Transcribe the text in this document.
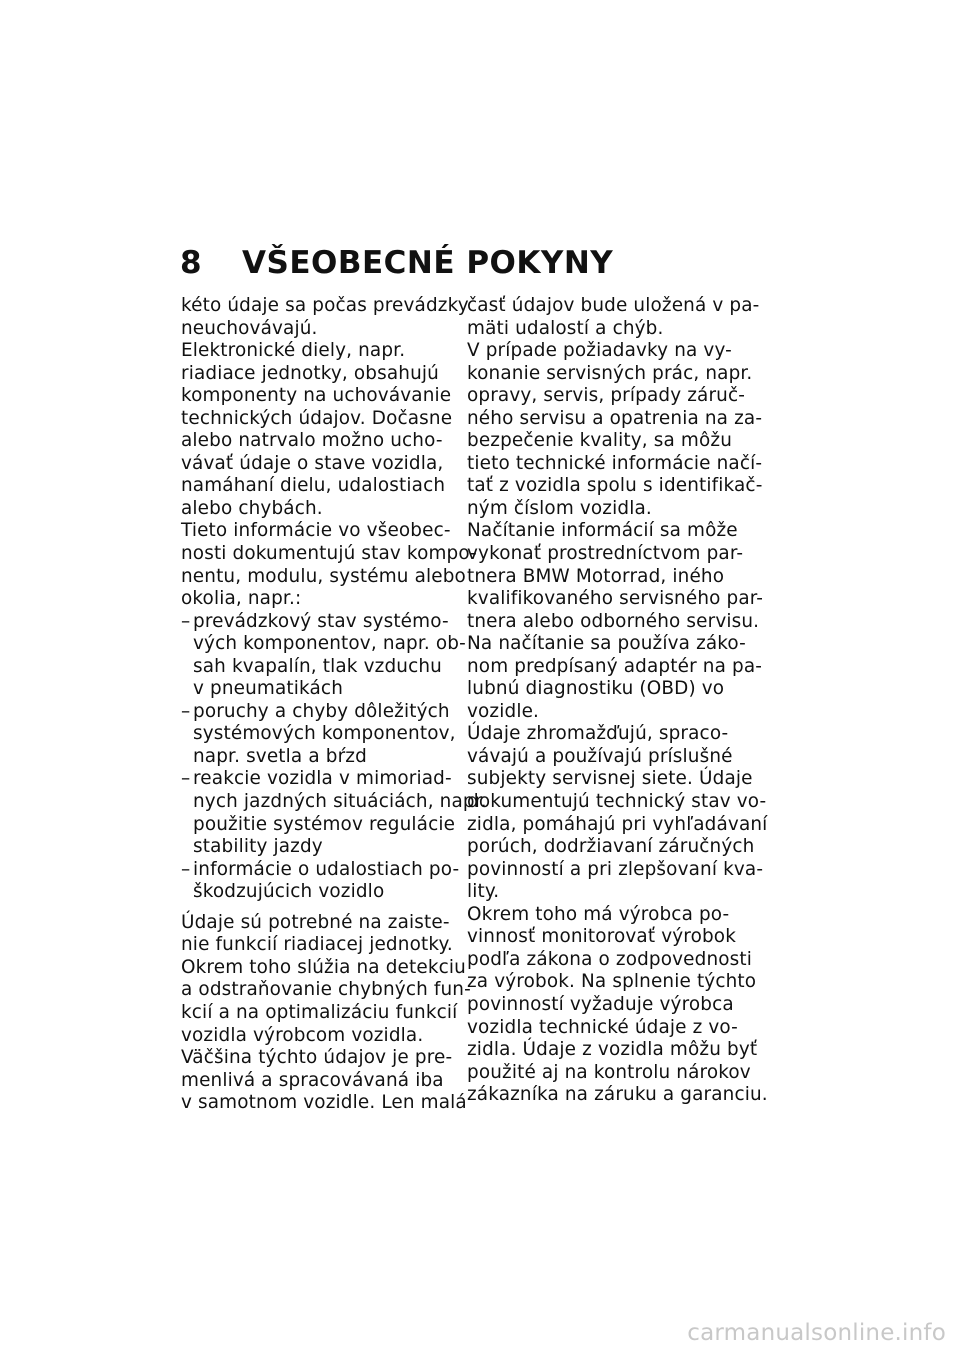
8	VŠEOBECNÉ POKYNY
kéto údaje sa počas prevádzky
neuchovávajú.
Elektronické diely, napr.
riadiace jednotky, obsahujú
komponenty na uchovávanie
technických údajov. Dočasne
alebo natrvalo možno ucho-
vávať údaje o stave vozidla,
namáhaní dielu, udalostiach
alebo chybách.
Tieto informácie vo všeobec-
nosti dokumentujú stav kompo-
nentu, modulu, systému alebo
okolia, napr.:
– prevádzkový stav systémo-
vých komponentov, napr. ob-
sah kvapalín, tlak vzduchu
v pneumatikách
– poruchy a chyby dôležitých
systémových komponentov,
napr. svetla a bŕzd
– reakcie vozidla v mimoriad-
nych jazdných situáciách, napr.
použitie systémov regulácie
stability jazdy
– informácie o udalostiach po-
škodzujúcich vozidlo
Údaje sú potrebné na zaiste-
nie funkcií riadiacej jednotky.
Okrem toho slúžia na detekciu
a odstraňovanie chybných fun-
kcií a na optimalizáciu funkcií
vozidla výrobcom vozidla.
Väčšina týchto údajov je pre-
menlivá a spracovávaná iba
v samotnom vozidle. Len malá
časť údajov bude uložená v pa-
mäti udalostí a chýb.
V prípade požiadavky na vy-
konanie servisných prác, napr.
opravy, servis, prípady záruč-
ného servisu a opatrenia na za-
bezpečenie kvality, sa môžu
tieto technické informácie načí-
tať z vozidla spolu s identifikač-
ným číslom vozidla.
Načítanie informácií sa môže
vykonať prostredníctvom par-
tnera BMW Motorrad, iného
kvalifikovaného servisného par-
tnera alebo odborného servisu.
Na načítanie sa používa záko-
nom predpísaný adaptér na pa-
lubnú diagnostiku (OBD) vo
vozidle.
Údaje zhromažďujú, spraco-
vávajú a používajú príslušné
subjekty servisnej siete. Údaje
dokumentujú technický stav vo-
zidla, pomáhajú pri vyhľadávaní
porúch, dodržiavaní záručných
povinností a pri zlepšovaní kva-
lity.
Okrem toho má výrobca po-
vinnosť monitorovať výrobok
podľa zákona o zodpovednosti
za výrobok. Na splnenie týchto
povinností vyžaduje výrobca
vozidla technické údaje z vo-
zidla. Údaje z vozidla môžu byť
použité aj na kontrolu nárokov
zákazníka na záruku a garanciu.
carmanualsonline.info
